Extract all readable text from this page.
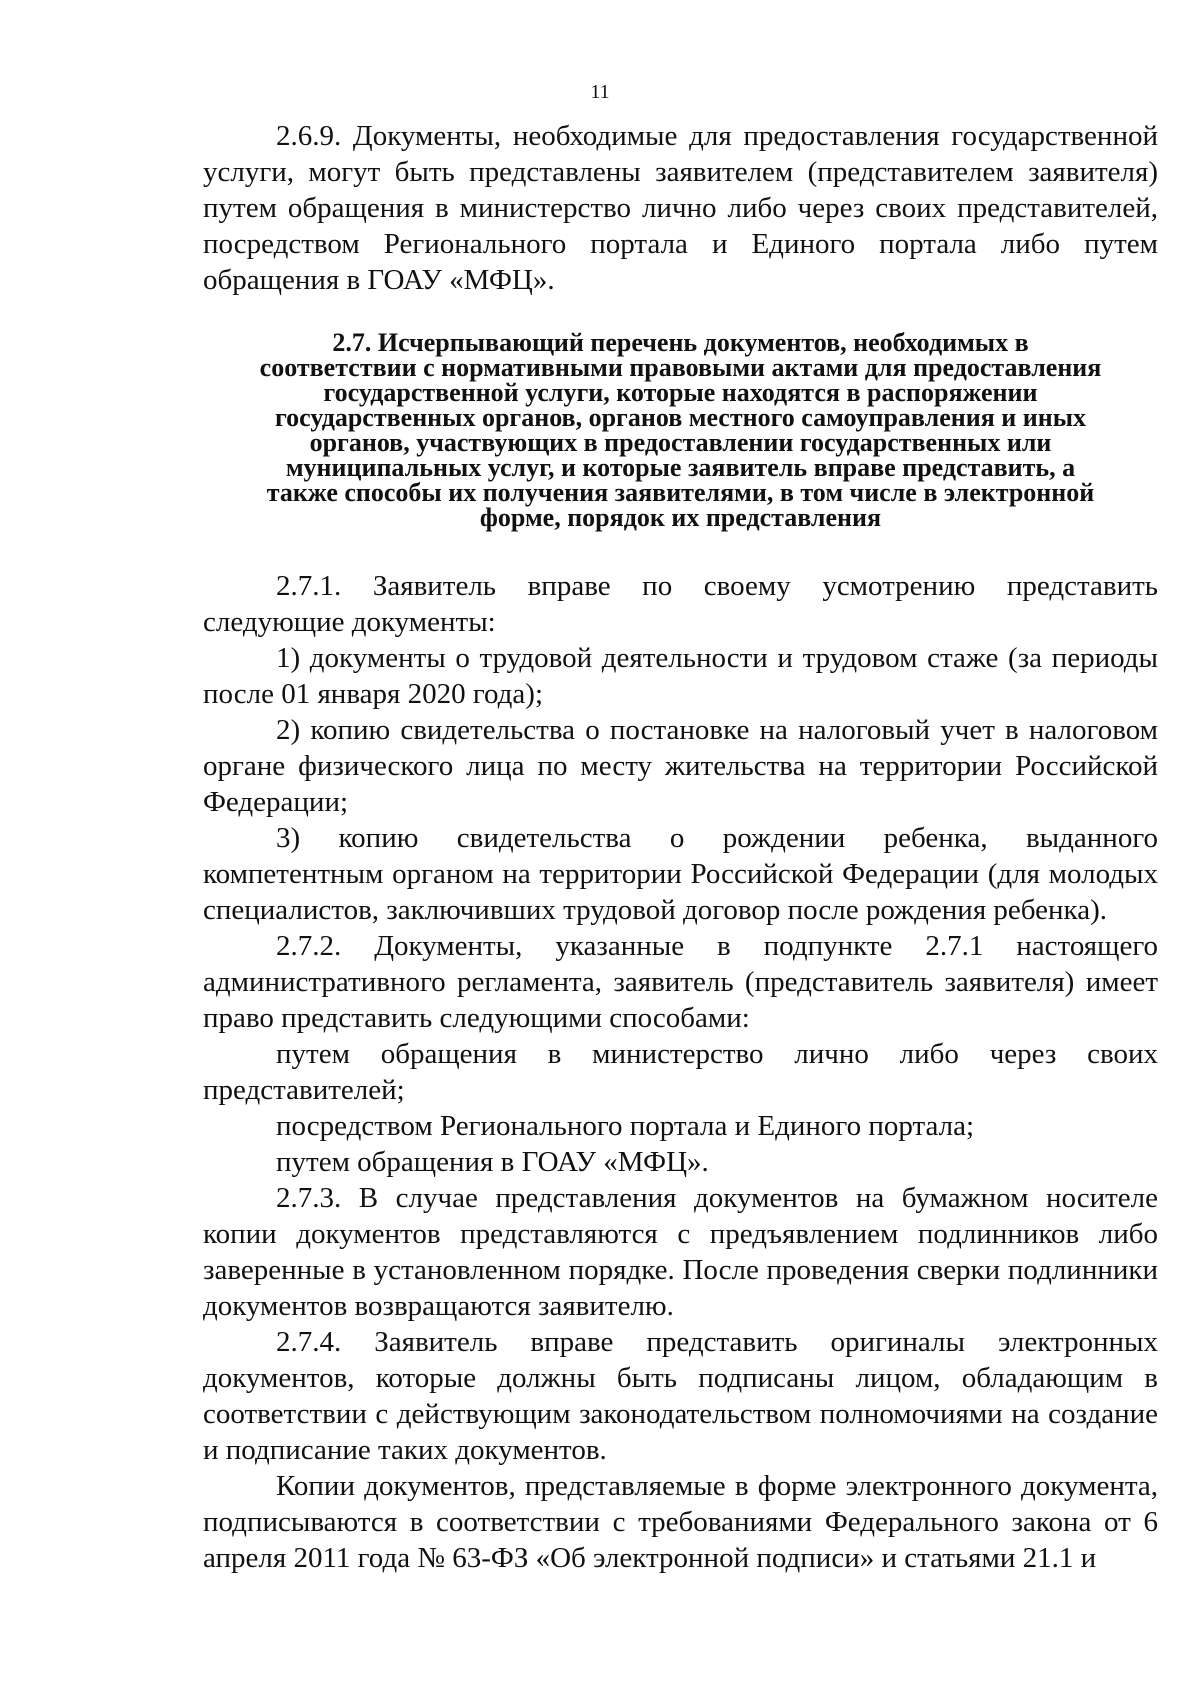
11

2.6.9. Документы, необходимые для предоставления государственной услуги, могут быть представлены заявителем (представителем заявителя) путем обращения в министерство лично либо через своих представителей, посредством Регионального портала и Единого портала либо путем обращения в ГОАУ «МФЦ».

2.7. Исчерпывающий перечень документов, необходимых в
соответствии с нормативными правовыми актами для предоставления
государственной услуги, которые находятся в распоряжении
государственных органов, органов местного самоуправления и иных
органов, участвующих в предоставлении государственных или
муниципальных услуг, и которые заявитель вправе представить, а
также способы их получения заявителями, в том числе в электронной
форме, порядок их представления

2.7.1. Заявитель вправе по своему усмотрению представить следующие документы:

1) документы о трудовой деятельности и трудовом стаже (за периоды после 01 января 2020 года);

2) копию свидетельства о постановке на налоговый учет в налоговом органе физического лица по месту жительства на территории Российской Федерации;

3) копию свидетельства о рождении ребенка, выданного компетентным органом на территории Российской Федерации (для молодых специалистов, заключивших трудовой договор после рождения ребенка).

2.7.2. Документы, указанные в подпункте 2.7.1 настоящего административного регламента, заявитель (представитель заявителя) имеет право представить следующими способами:

путем обращения в министерство лично либо через своих представителей;

посредством Регионального портала и Единого портала;

путем обращения в ГОАУ «МФЦ».

2.7.3. В случае представления документов на бумажном носителе копии документов представляются с предъявлением подлинников либо заверенные в установленном порядке. После проведения сверки подлинники документов возвращаются заявителю.

2.7.4. Заявитель вправе представить оригиналы электронных документов, которые должны быть подписаны лицом, обладающим в соответствии с действующим законодательством полномочиями на создание и подписание таких документов.

Копии документов, представляемые в форме электронного документа, подписываются в соответствии с требованиями Федерального закона от 6 апреля 2011 года № 63-ФЗ «Об электронной подписи» и статьями 21.1 и
